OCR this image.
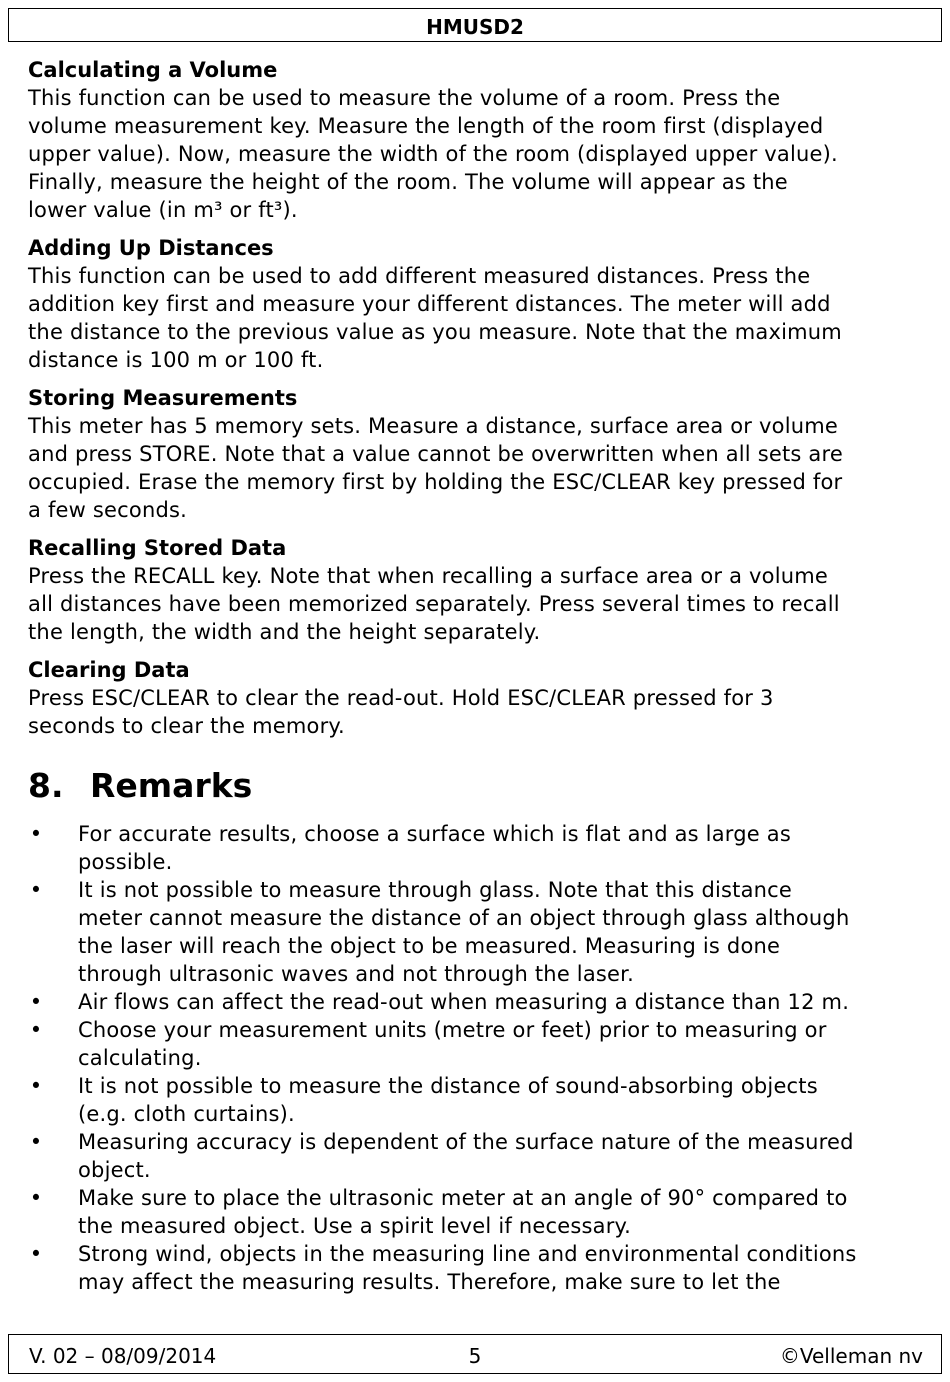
HMUSD2
Calculating a Volume
This function can be used to measure the volume of a room. Press the
volume measurement key. Measure the length of the room first (displayed
upper value). Now, measure the width of the room (displayed upper value).
Finally, measure the height of the room. The volume will appear as the
lower value (in m³ or ft³).
Adding Up Distances
This function can be used to add different measured distances. Press the
addition key first and measure your different distances. The meter will add
the distance to the previous value as you measure. Note that the maximum
distance is 100 m or 100 ft.
Storing Measurements
This meter has 5 memory sets. Measure a distance, surface area or volume
and press STORE. Note that a value cannot be overwritten when all sets are
occupied. Erase the memory first by holding the ESC/CLEAR key pressed for
a few seconds.
Recalling Stored Data
Press the RECALL key. Note that when recalling a surface area or a volume
all distances have been memorized separately. Press several times to recall
the length, the width and the height separately.
Clearing Data
Press ESC/CLEAR to clear the read-out. Hold ESC/CLEAR pressed for 3
seconds to clear the memory.
8. Remarks
• For accurate results, choose a surface which is flat and as large as
possible.
• It is not possible to measure through glass. Note that this distance
meter cannot measure the distance of an object through glass although
the laser will reach the object to be measured. Measuring is done
through ultrasonic waves and not through the laser.
• Air flows can affect the read-out when measuring a distance than 12 m.
• Choose your measurement units (metre or feet) prior to measuring or
calculating.
• It is not possible to measure the distance of sound-absorbing objects
(e.g. cloth curtains).
• Measuring accuracy is dependent of the surface nature of the measured
object.
• Make sure to place the ultrasonic meter at an angle of 90° compared to
the measured object. Use a spirit level if necessary.
• Strong wind, objects in the measuring line and environmental conditions
may affect the measuring results. Therefore, make sure to let the
V. 02 – 08/09/2014	5	©Velleman nv
